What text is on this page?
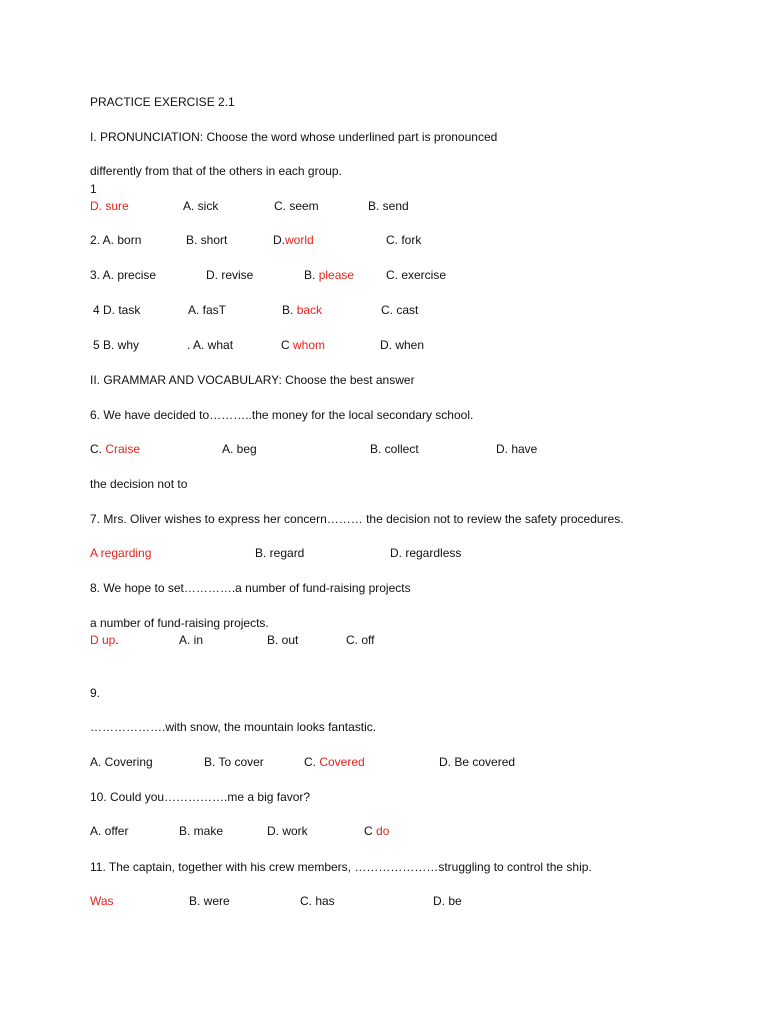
PRACTICE EXERCISE 2.1
I. PRONUNCIATION: Choose the word whose underlined part is pronounced
differently from that of the others in each group.
1
D. sure	A. sick	C. seem	B. send
2. A. born	B. short	D.world	C. fork
3. A. precise	D. revise	B. please	C. exercise
4 D. task	A. fasT	B. back	C. cast
5 B. why	. A. what	C whom	D. when
II. GRAMMAR AND VOCABULARY: Choose the best answer
6. We have decided to………..the money for the local secondary school.
C. Craise	A. beg	B. collect	D. have
the decision not to
7. Mrs. Oliver wishes to express her concern……… the decision not to review the safety procedures.
A regarding	B. regard	D. regardless
8. We hope to set………….a number of fund-raising projects
a number of fund-raising projects.
D up.	A. in	B. out	C. off
9.
……………….with snow, the mountain looks fantastic.
A. Covering	B. To cover	C. Covered	D. Be covered
10. Could you…………….me a big favor?
A. offer	B. make	D. work	C do
11. The captain, together with his crew members, …………………struggling to control the ship.
Was	B. were	C. has	D. be
